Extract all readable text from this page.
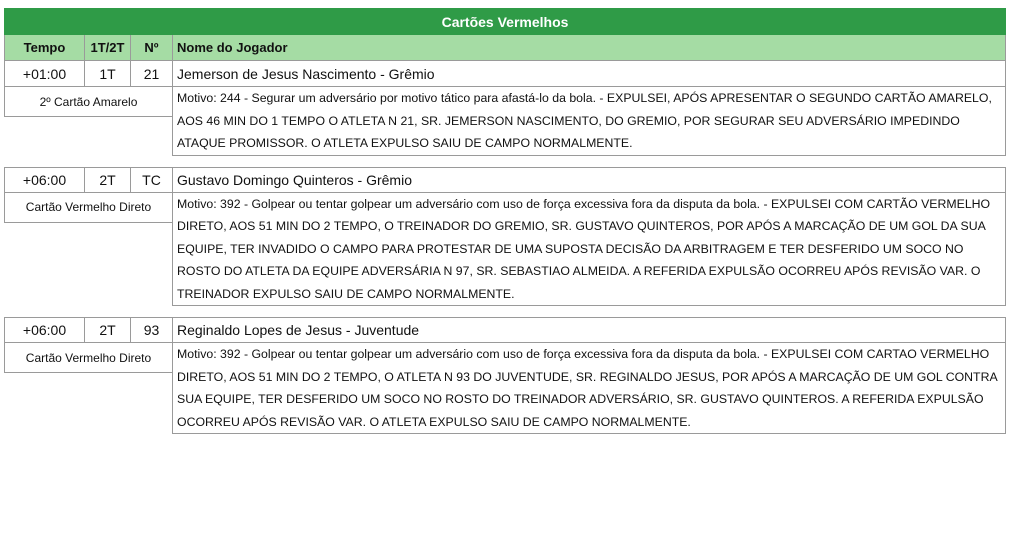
Cartões Vermelhos
Tempo	1T/2T	Nº	Nome do Jogador
+01:00	1T	21	Jemerson de Jesus Nascimento - Grêmio
2º Cartão Amarelo	Motivo: 244 - Segurar um adversário por motivo tático para afastá-lo da bola. - EXPULSEI, APÓS APRESENTAR O SEGUNDO CARTÃO AMARELO, AOS 46 MIN DO 1 TEMPO O ATLETA N 21, SR. JEMERSON NASCIMENTO, DO GREMIO, POR SEGURAR SEU ADVERSÁRIO IMPEDINDO ATAQUE PROMISSOR. O ATLETA EXPULSO SAIU DE CAMPO NORMALMENTE.
+06:00	2T	TC	Gustavo Domingo Quinteros - Grêmio
Cartão Vermelho Direto	Motivo: 392 - Golpear ou tentar golpear um adversário com uso de força excessiva fora da disputa da bola. - EXPULSEI COM CARTÃO VERMELHO DIRETO, AOS 51 MIN DO 2 TEMPO, O TREINADOR DO GREMIO, SR. GUSTAVO QUINTEROS, POR APÓS A MARCAÇÃO DE UM GOL DA SUA EQUIPE, TER INVADIDO O CAMPO PARA PROTESTAR DE UMA SUPOSTA DECISÃO DA ARBITRAGEM E TER DESFERIDO UM SOCO NO ROSTO DO ATLETA DA EQUIPE ADVERSÁRIA N 97, SR. SEBASTIAO ALMEIDA. A REFERIDA EXPULSÃO OCORREU APÓS REVISÃO VAR. O TREINADOR EXPULSO SAIU DE CAMPO NORMALMENTE.
+06:00	2T	93	Reginaldo Lopes de Jesus - Juventude
Cartão Vermelho Direto	Motivo: 392 - Golpear ou tentar golpear um adversário com uso de força excessiva fora da disputa da bola. - EXPULSEI COM CARTAO VERMELHO DIRETO, AOS 51 MIN DO 2 TEMPO, O ATLETA N 93 DO JUVENTUDE, SR. REGINALDO JESUS, POR APÓS A MARCAÇÃO DE UM GOL CONTRA SUA EQUIPE, TER DESFERIDO UM SOCO NO ROSTO DO TREINADOR ADVERSÁRIO, SR. GUSTAVO QUINTEROS. A REFERIDA EXPULSÃO OCORREU APÓS REVISÃO VAR. O ATLETA EXPULSO SAIU DE CAMPO NORMALMENTE.
